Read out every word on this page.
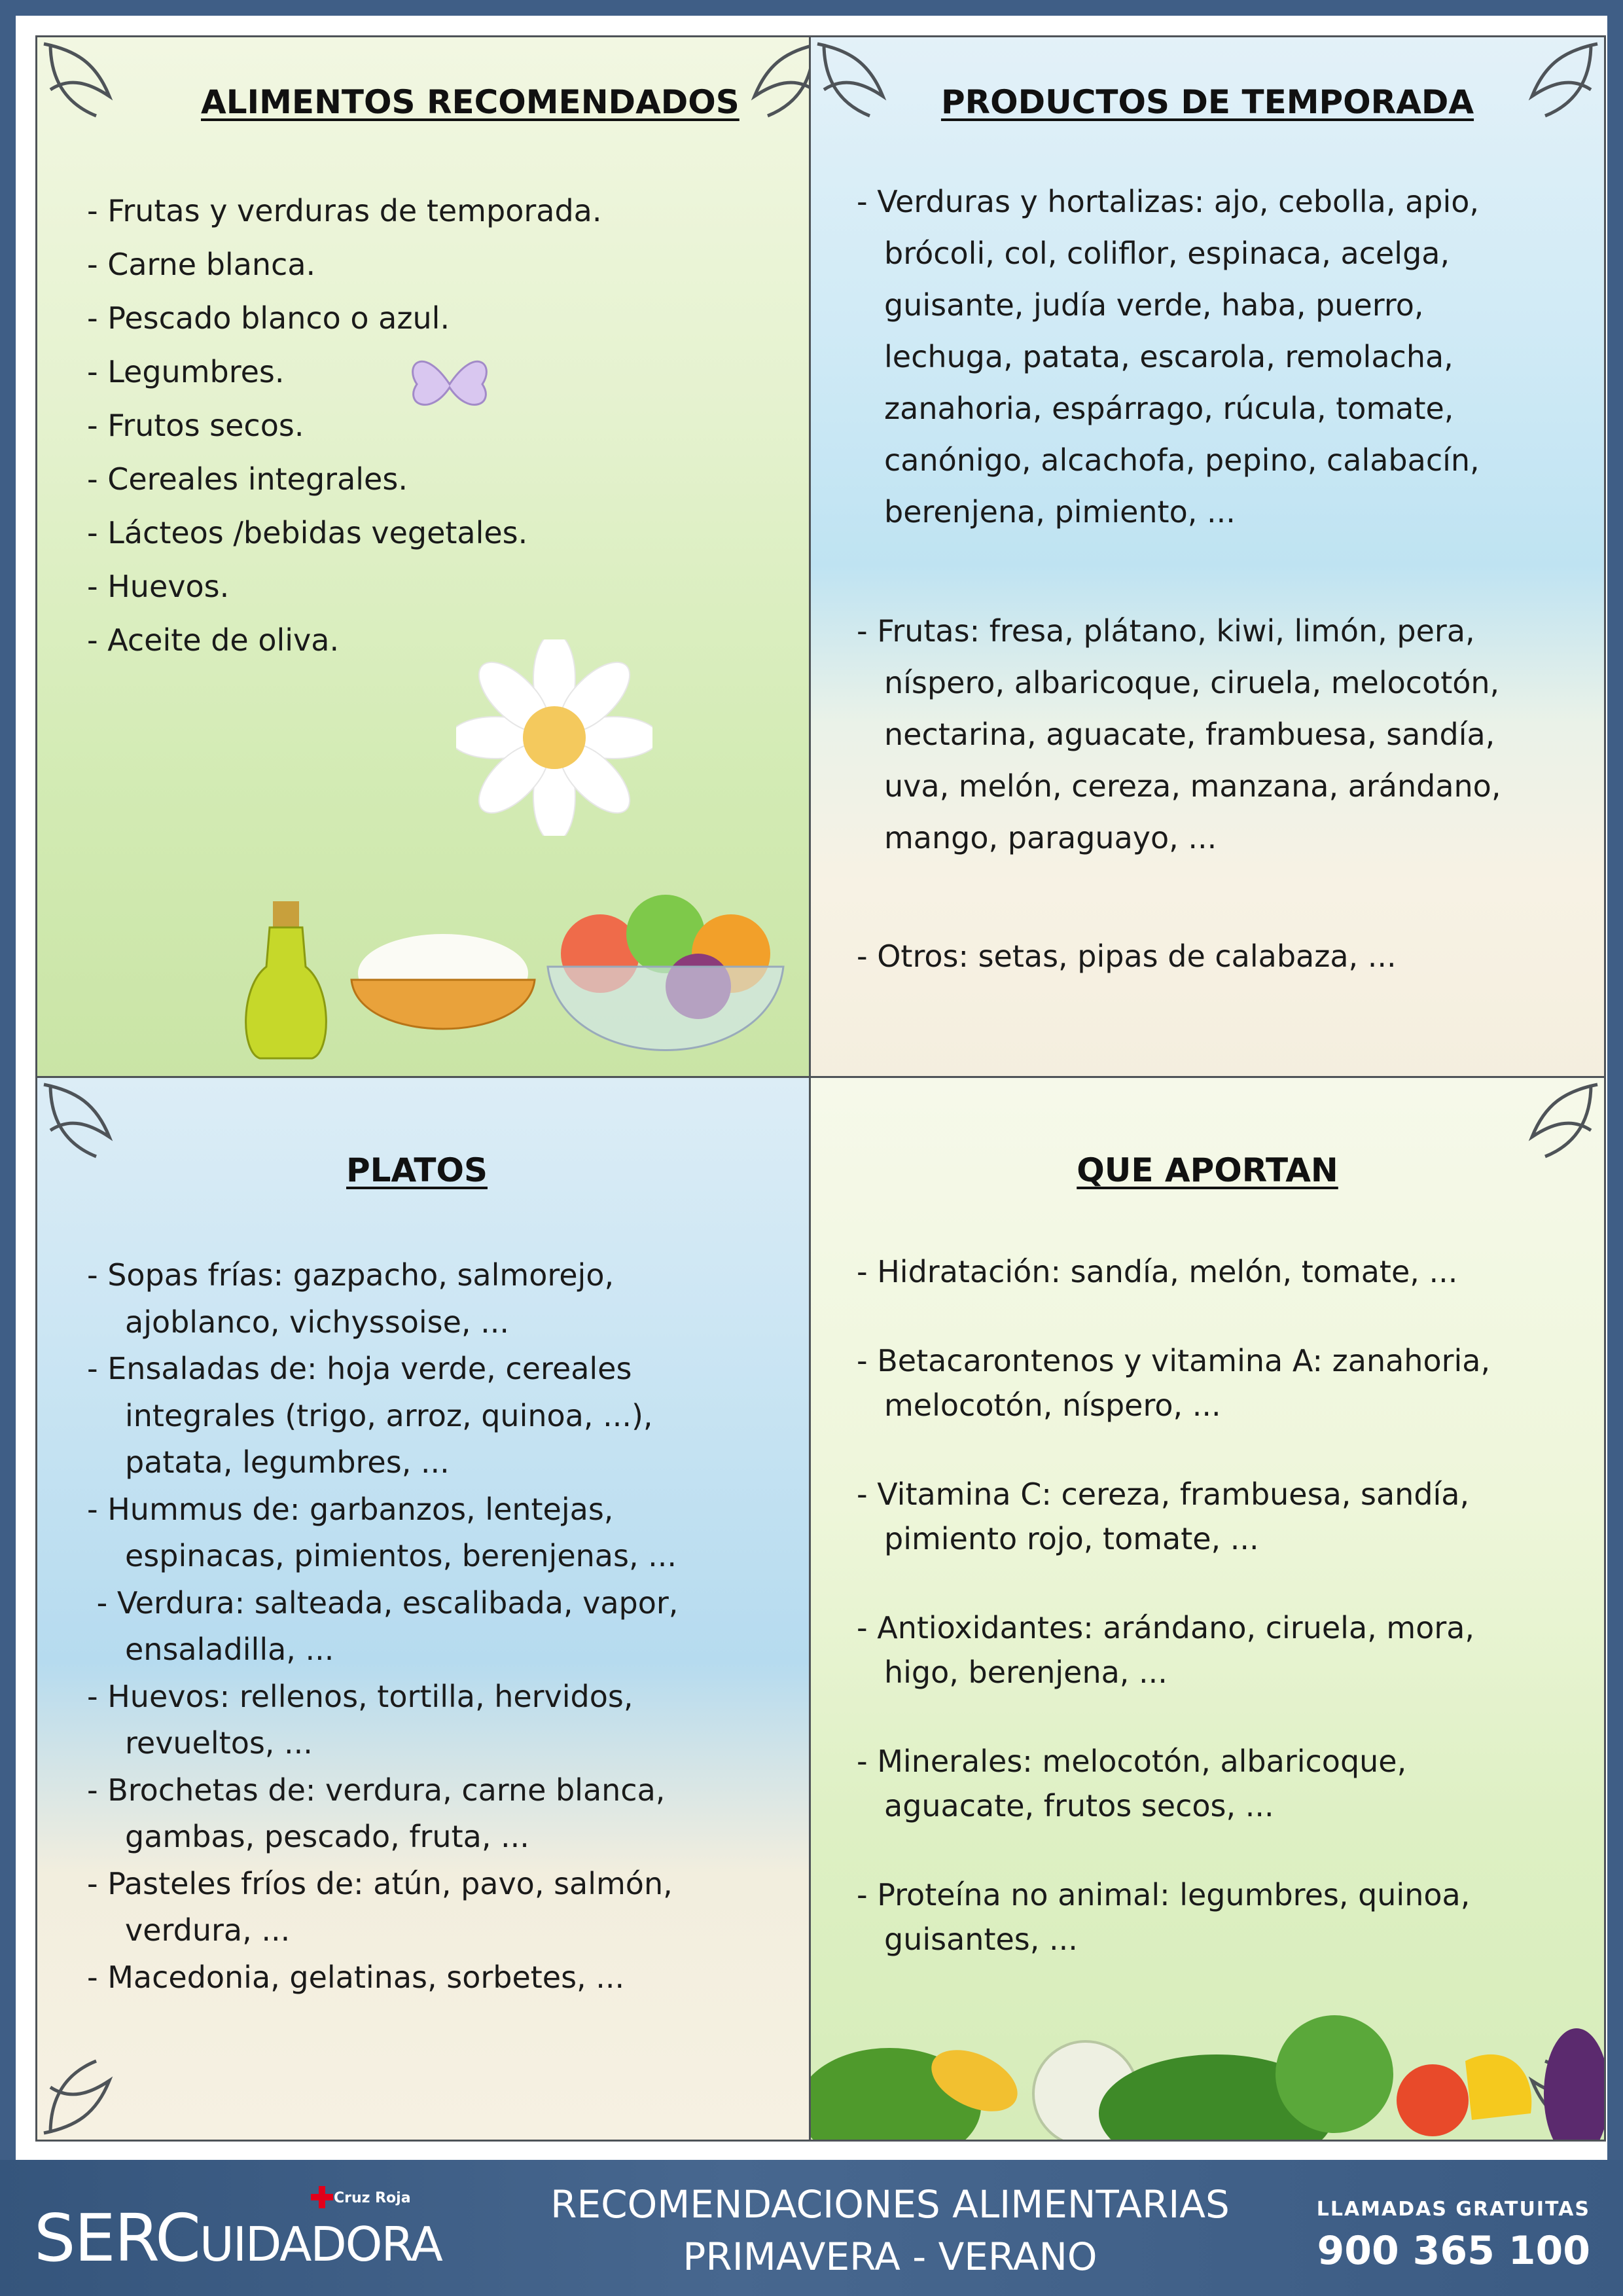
ALIMENTOS RECOMENDADOS
- Frutas y verduras de temporada.
- Carne blanca.
- Pescado blanco o azul.
- Legumbres.
- Frutos secos.
- Cereales integrales.
- Lácteos /bebidas vegetales.
- Huevos.
- Aceite de oliva.
PRODUCTOS DE TEMPORADA
- Verduras y hortalizas: ajo, cebolla, apio,
brócoli, col, coliflor, espinaca, acelga,
guisante, judía verde, haba, puerro,
lechuga, patata, escarola, remolacha,
zanahoria, espárrago, rúcula, tomate,
canónigo, alcachofa, pepino, calabacín,
berenjena, pimiento, ...
- Frutas: fresa, plátano, kiwi, limón, pera,
níspero, albaricoque, ciruela, melocotón,
nectarina, aguacate, frambuesa, sandía,
uva, melón, cereza, manzana, arándano,
mango, paraguayo, ...
- Otros: setas, pipas de calabaza, ...
PLATOS
- Sopas frías: gazpacho, salmorejo,
ajoblanco, vichyssoise, ...
- Ensaladas de: hoja verde, cereales
integrales (trigo, arroz, quinoa, ...),
patata, legumbres, ...
- Hummus de: garbanzos, lentejas,
espinacas, pimientos, berenjenas, ...
- Verdura: salteada, escalibada, vapor,
ensaladilla, ...
- Huevos: rellenos, tortilla, hervidos,
revueltos, ...
- Brochetas de: verdura, carne blanca,
gambas, pescado, fruta, ...
- Pasteles fríos de: atún, pavo, salmón,
verdura, ...
- Macedonia, gelatinas, sorbetes, ...
QUE APORTAN
- Hidratación: sandía, melón, tomate, ...
- Betacarontenos y vitamina A: zanahoria,
melocotón, níspero, ...
- Vitamina C: cereza, frambuesa, sandía,
pimiento rojo, tomate, ...
- Antioxidantes: arándano, ciruela, mora,
higo, berenjena, ...
- Minerales: melocotón, albaricoque,
aguacate, frutos secos, ...
- Proteína no animal: legumbres, quinoa,
guisantes, ...
Cruz Roja
SERCUIDADORA
RECOMENDACIONES ALIMENTARIAS
PRIMAVERA - VERANO
LLAMADAS GRATUITAS
900 365 100
